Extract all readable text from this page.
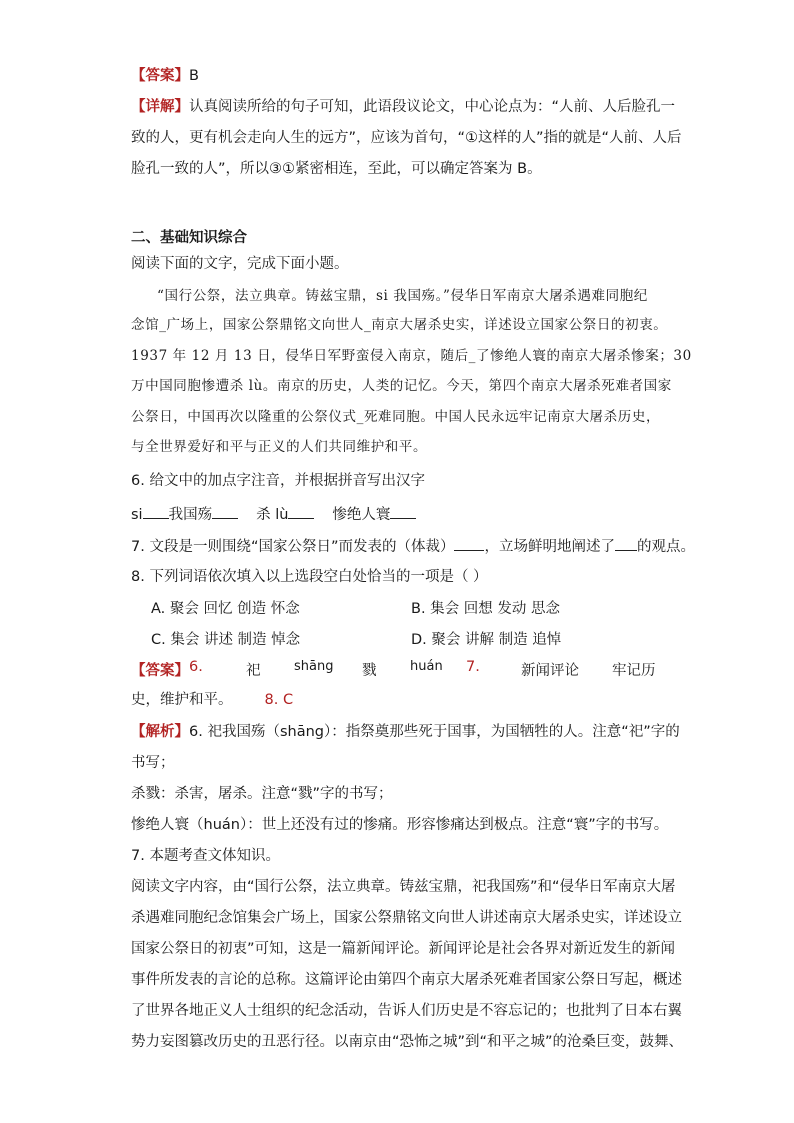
【答案】B
【详解】认真阅读所给的句子可知，此语段议论文，中心论点为：“人前、人后脸孔一
致的人，更有机会走向人生的远方”，应该为首句，“①这样的人”指的就是“人前、人后
脸孔一致的人”，所以③①紧密相连，至此，可以确定答案为 B。
二、基础知识综合
阅读下面的文字，完成下面小题。
“国行公祭，法立典章。铸兹宝鼎，si 我国殇。”侵华日军南京大屠杀遇难同胞纪
念馆_广场上，国家公祭鼎铭文向世人_南京大屠杀史实，详述设立国家公祭日的初衷。
1937 年 12 月 13 日，侵华日军野蛮侵入南京，随后_了惨绝人寰的南京大屠杀惨案；30
万中国同胞惨遭杀 lù。南京的历史，人类的记忆。今天，第四个南京大屠杀死难者国家
公祭日，中国再次以隆重的公祭仪式_死难同胞。中国人民永远牢记南京大屠杀历史，
与全世界爱好和平与正义的人们共同维护和平。
6. 给文中的加点字注音，并根据拼音写出汉字
si 我国殇	杀 lù	惨绝人寰
7. 文段是一则围绕“国家公祭日”而发表的（体裁） ，立场鲜明地阐述了 的观点。
8. 下列词语依次填入以上选段空白处恰当的一项是（ ）
A. 聚会 回忆 创造 怀念	B. 集会 回想 发动 思念
C. 集会 讲述 制造 悼念	D. 聚会 讲解 制造 追悼
【答案】 6.	祀	shāng 戮	huán 7.	新闻评论 牢记历
史，维护和平。 8. C
【解析】6. 祀我国殇（shāng）：指祭奠那些死于国事，为国牺牲的人。注意“祀”字的
书写；
杀戮：杀害，屠杀。注意“戮”字的书写；
惨绝人寰（huán）：世上还没有过的惨痛。形容惨痛达到极点。注意“寰”字的书写。
7. 本题考查文体知识。
阅读文字内容，由“国行公祭，法立典章。铸兹宝鼎，祀我国殇”和“侵华日军南京大屠
杀遇难同胞纪念馆集会广场上，国家公祭鼎铭文向世人讲述南京大屠杀史实，详述设立
国家公祭日的初衷”可知，这是一篇新闻评论。新闻评论是社会各界对新近发生的新闻
事件所发表的言论的总称。这篇评论由第四个南京大屠杀死难者国家公祭日写起，概述
了世界各地正义人士组织的纪念活动，告诉人们历史是不容忘记的；也批判了日本右翼
势力妄图篡改历史的丑恶行径。以南京由“恐怖之城”到“和平之城”的沧桑巨变，鼓舞、
